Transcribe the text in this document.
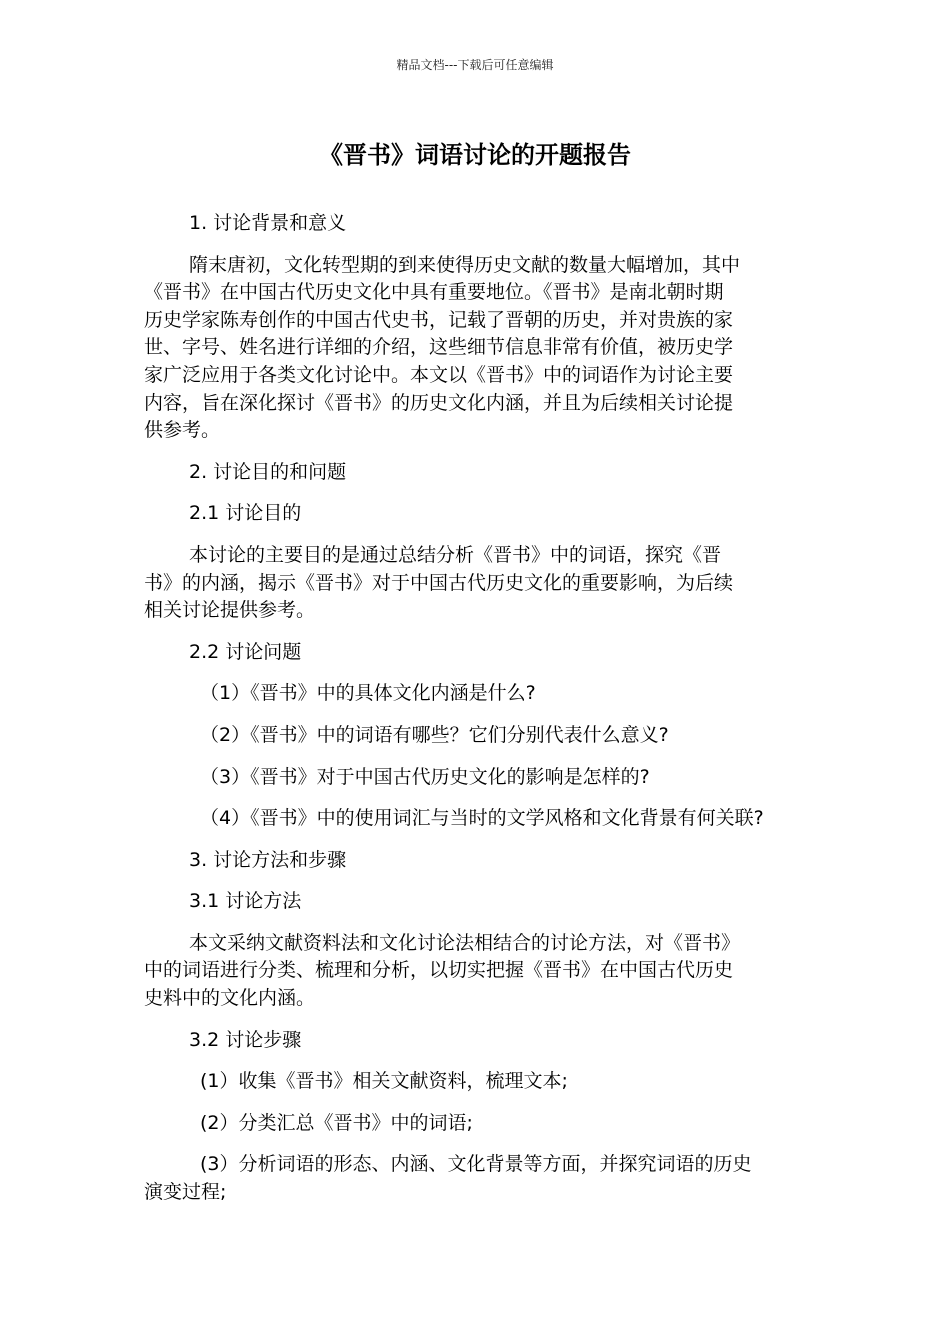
精品文档---下载后可任意编辑
《晋书》词语讨论的开题报告
1. 讨论背景和意义
隋末唐初，文化转型期的到来使得历史文献的数量大幅增加，其中
《晋书》在中国古代历史文化中具有重要地位。《晋书》是南北朝时期
历史学家陈寿创作的中国古代史书，记载了晋朝的历史，并对贵族的家
世、字号、姓名进行详细的介绍，这些细节信息非常有价值，被历史学
家广泛应用于各类文化讨论中。本文以《晋书》中的词语作为讨论主要
内容，旨在深化探讨《晋书》的历史文化内涵，并且为后续相关讨论提
供参考。
2. 讨论目的和问题
2.1 讨论目的
本讨论的主要目的是通过总结分析《晋书》中的词语，探究《晋
书》的内涵，揭示《晋书》对于中国古代历史文化的重要影响，为后续
相关讨论提供参考。
2.2 讨论问题
（1）《晋书》中的具体文化内涵是什么?
（2）《晋书》中的词语有哪些？它们分别代表什么意义?
（3）《晋书》对于中国古代历史文化的影响是怎样的?
（4）《晋书》中的使用词汇与当时的文学风格和文化背景有何关联?
3. 讨论方法和步骤
3.1 讨论方法
本文采纳文献资料法和文化讨论法相结合的讨论方法，对《晋书》
中的词语进行分类、梳理和分析，以切实把握《晋书》在中国古代历史
史料中的文化内涵。
3.2 讨论步骤
(1）收集《晋书》相关文献资料，梳理文本;
(2）分类汇总《晋书》中的词语;
(3）分析词语的形态、内涵、文化背景等方面，并探究词语的历史
演变过程;
